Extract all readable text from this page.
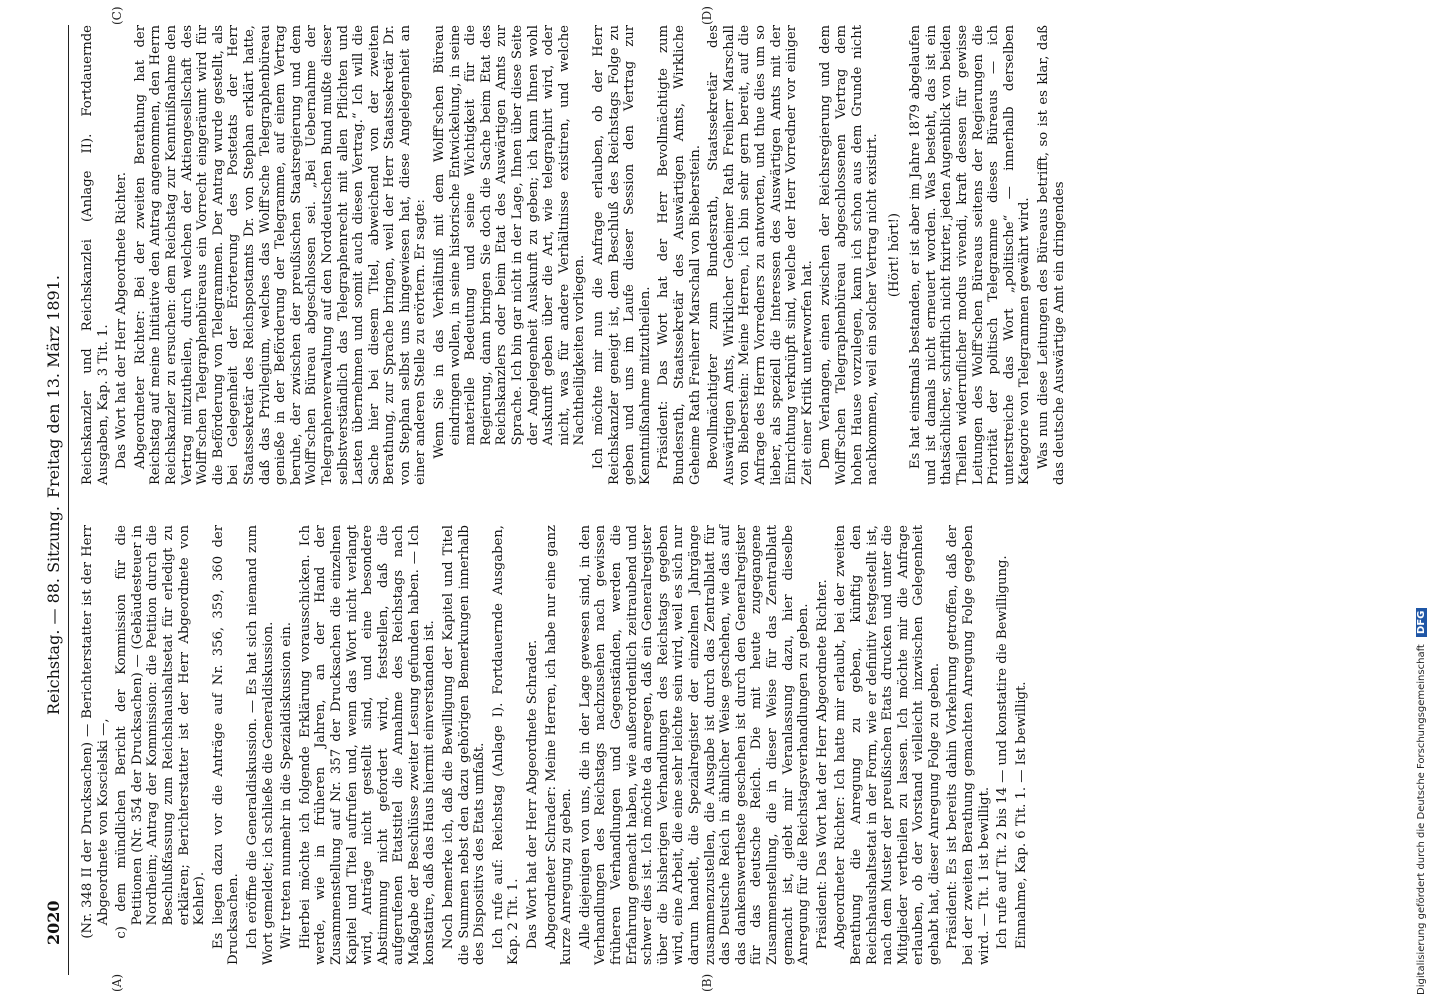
2020
Reichstag. — 88. Sitzung.
Freitag den 13. März 1891.
(A)	(B)
(C)	(D)

(Nr. 348 II der Drucksachen) — Berichterstatter ist der Herr Abgeordnete von Koscielski —, c) dem mündlichen Bericht der Kommission für die Petitionen (Nr. 354 der Drucksachen) — (Gebäudesteuer in Nordheim; Antrag der Kommission: die Petition durch die Beschlußfassung zum Reichshaushaltsetat für erledigt zu erklären; Berichterstatter ist der Herr Abgeordnete von Kehler). Es liegen dazu vor die Anträge auf Nr. 356, 359, 360 der Drucksachen. Ich eröffne die Generaldiskussion. — Es hat sich niemand zum Wort gemeldet; ich schließe die Generaldiskussion. Wir treten nunmehr in die Spezialdiskussion ein. Hierbei möchte ich folgende Erklärung vorausschicken. Ich werde, wie in früheren Jahren, an der Hand der Zusammenstellung auf Nr. 357 der Drucksachen die einzelnen Kapitel und Titel aufrufen und, wenn das Wort nicht verlangt wird, Anträge nicht gestellt sind, und eine besondere Abstimmung nicht gefordert wird, feststellen, daß die aufgerufenen Etatstitel die Annahme des Reichstags nach Maßgabe der Beschlüsse zweiter Lesung gefunden haben. — Ich konstatire, daß das Haus hiermit einverstanden ist. Noch bemerke ich, daß die Bewilligung der Kapitel und Titel die Summen nebst den dazu gehörigen Bemerkungen innerhalb des Dispositivs des Etats umfaßt. Ich rufe auf: Reichstag (Anlage I). Fortdauernde Ausgaben, Kap. 2 Tit. 1. Das Wort hat der Herr Abgeordnete Schrader. Abgeordneter Schrader: Meine Herren, ich habe nur eine ganz kurze Anregung zu geben. Alle diejenigen von uns, die in der Lage gewesen sind, in den Verhandlungen des Reichstags nachzusehen nach gewissen früheren Verhandlungen und Gegenständen, werden die Erfahrung gemacht haben, wie außerordentlich zeitraubend und schwer dies ist. Ich möchte da anregen, daß ein Generalregister über die bisherigen Verhandlungen des Reichstags gegeben wird, eine Arbeit, die eine sehr leichte sein wird, weil es sich nur darum handelt, die Spezialregister der einzelnen Jahrgänge zusammenzustellen, die Ausgabe ist durch das Zentralblatt für das Deutsche Reich in ähnlicher Weise geschehen, wie das auf das dankenswertheste geschehen ist durch den Generalregister für das deutsche Reich. Die mit heute zugegangene Zusammenstellung, die in dieser Weise für das Zentralblatt gemacht ist, giebt mir Veranlassung dazu, hier dieselbe Anregung für die Reichstagsverhandlungen zu geben. Präsident: Das Wort hat der Herr Abgeordnete Richter. Abgeordneter Richter: Ich hatte mir erlaubt, bei der zweiten Berathung die Anregung zu geben, künftig den Reichshaushaltsetat in der Form, wie er definitiv festgestellt ist, nach dem Muster der preußischen Etats drucken und unter die Mitglieder vertheilen zu lassen. Ich möchte mir die Anfrage erlauben, ob der Vorstand vielleicht inzwischen Gelegenheit gehabt hat, dieser Anregung Folge zu geben. Präsident: Es ist bereits dahin Vorkehrung getroffen, daß der bei der zweiten Berathung gemachten Anregung Folge gegeben wird. — Tit. 1 ist bewilligt. Ich rufe auf Tit. 2 bis 14 — und konstatire die Bewilligung. Einnahme, Kap. 6 Tit. 1. — Ist bewilligt.

Reichskanzler und Reichskanzlei (Anlage II). Fortdauernde Ausgaben, Kap. 3 Tit. 1. Das Wort hat der Herr Abgeordnete Richter. Abgeordneter Richter: Bei der zweiten Berathung hat der Reichstag auf meine Initiative den Antrag angenommen, den Herrn Reichskanzler zu ersuchen: dem Reichstag zur Kenntnißnahme den Vertrag mitzutheilen, durch welchen der Aktiengesellschaft des Wolff'schen Telegraphenbüreaus ein Vorrecht eingeräumt wird für die Beförderung von Telegrammen. Der Antrag wurde gestellt, als bei Gelegenheit der Erörterung des Postetats der Herr Staatssekretär des Reichspostamts Dr. von Stephan erklärt hatte, daß das Privilegium, welches das Wolff'sche Telegraphenbüreau genieße in der Beförderung der Telegramme, auf einem Vertrag beruhe, der zwischen der preußischen Staatsregierung und dem Wolff'schen Büreau abgeschlossen sei. „Bei Uebernahme der Telegraphenverwaltung auf den Norddeutschen Bund mußte dieser selbstverständlich das Telegraphenrecht mit allen Pflichten und Lasten übernehmen und somit auch diesen Vertrag.“ Ich will die Sache hier bei diesem Titel, abweichend von der zweiten Berathung, zur Sprache bringen, weil der Herr Staatssekretär Dr. von Stephan selbst uns hingewiesen hat, diese Angelegenheit an einer anderen Stelle zu erörtern. Er sagte: Wenn Sie in das Verhältniß mit dem Wolff'schen Büreau eindringen wollen, in seine historische Entwickelung, in seine materielle Bedeutung und seine Wichtigkeit für die Regierung, dann bringen Sie doch die Sache beim Etat des Reichskanzlers oder beim Etat des Auswärtigen Amts zur Sprache. Ich bin gar nicht in der Lage, Ihnen über diese Seite der Angelegenheit Auskunft zu geben; ich kann Ihnen wohl Auskunft geben über die Art, wie telegraphirt wird, oder nicht, was für andere Verhältnisse existiren, und welche Nachtheiligkeiten vorliegen. Ich möchte mir nun die Anfrage erlauben, ob der Herr Reichskanzler geneigt ist, dem Beschluß des Reichstags Folge zu geben und uns im Laufe dieser Session den Vertrag zur Kenntnißnahme mitzutheilen. Präsident: Das Wort hat der Herr Bevollmächtigte zum Bundesrath, Staatssekretär des Auswärtigen Amts, Wirkliche Geheime Rath Freiherr Marschall von Bieberstein. Bevollmächtigter zum Bundesrath, Staatssekretär des Auswärtigen Amts, Wirklicher Geheimer Rath Freiherr Marschall von Bieberstein: Meine Herren, ich bin sehr gern bereit, auf die Anfrage des Herrn Vorredners zu antworten, und thue dies um so lieber, als speziell die Interessen des Auswärtigen Amts mit der Einrichtung verknüpft sind, welche der Herr Vorredner vor einiger Zeit einer Kritik unterworfen hat. Dem Verlangen, einen zwischen der Reichsregierung und dem Wolff'schen Telegraphenbüreau abgeschlossenen Vertrag dem hohen Hause vorzulegen, kann ich schon aus dem Grunde nicht nachkommen, weil ein solcher Vertrag nicht existirt. (Hört! hört!) Es hat einstmals bestanden, er ist aber im Jahre 1879 abgelaufen und ist damals nicht erneuert worden. Was besteht, das ist ein thatsächlicher, schriftlich nicht fixirter, jeden Augenblick von beiden Theilen widerruflicher modus vivendi, kraft dessen für gewisse Leitungen des Wolff'schen Büreaus seitens der Regierungen die Priorität der politisch Telegramme dieses Büreaus — ich unterstreiche das Wort „politische“ — innerhalb derselben Kategorie von Telegrammen gewährt wird. Was nun diese Leitungen des Büreaus betrifft, so ist es klar, daß das deutsche Auswärtige Amt ein dringendes

Digitalisierung gefördert durch die Deutsche Forschungsgemeinschaft DFG
